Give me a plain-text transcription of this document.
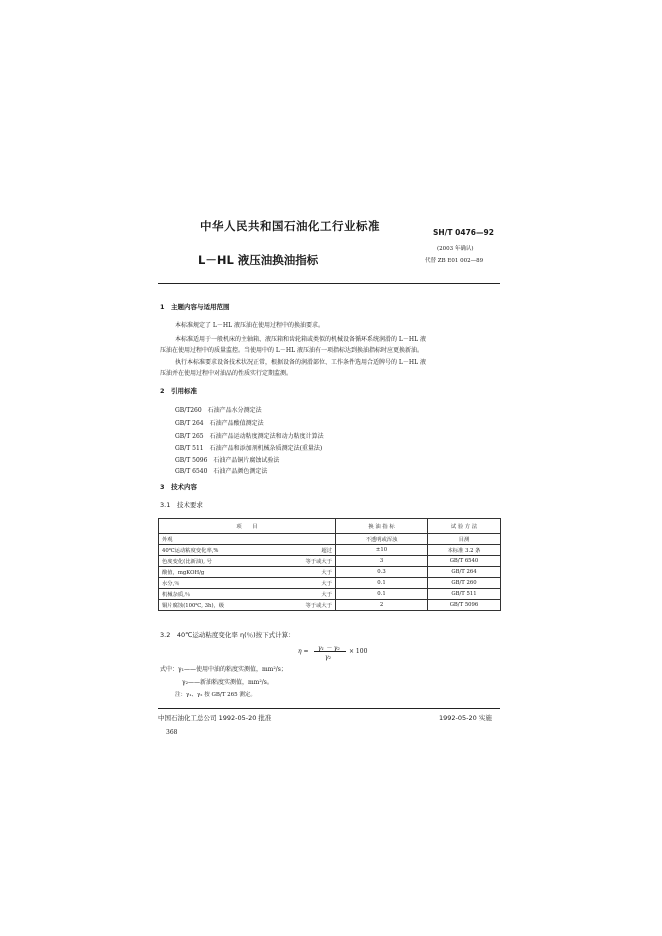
中华人民共和国石油化工行业标准	SH/T 0476—92
(2003 年确认)
L－HL 液压油换油指标	代替 ZB E01 002—89
1　主题内容与适用范围
本标准规定了 L－HL 液压油在使用过程中的换油要求。
本标准适用于一般机床的主轴箱、液压箱和齿轮箱或类似的机械设备循环系统润滑的 L－HL 液
压油在使用过程中的质量监控。当使用中的 L－HL 液压油有一项指标达到换油指标时应更换新油。
执行本标准要求设备技术状况正常，根据设备的润滑部位、工作条件选用合适牌号的 L－HL 液
压油并在使用过程中对油品的性质实行定期监测。
2　引用标准
GB/T260　石油产品水分测定法
GB/T 264　石油产品酸值测定法
GB/T 265　石油产品运动粘度测定法和动力粘度计算法
GB/T 511　石油产品和添加剂机械杂质测定法(重量法)
GB/T 5096　石油产品铜片腐蚀试验法
GB/T 6540　石油产品颜色测定法
3　技术内容
3.1　技术要求
项　　目	换 油 指 标	试 验 方 法

外观	不透明或浑浊	目测

40℃运动粘度变化率,% 超过	±10	本标准 3.2 条

色度变化(比新油), 号 等于或大于	3	GB/T 6540

酸值，mgKOH/g 大于	0.3	GB/T 264

水分,％ 大于	0.1	GB/T 260

机械杂质,％ 大于	0.1	GB/T 511

铜片腐蚀(100℃, 3h)，级 等于或大于	2	GB/T 5096
3.2　40℃运动粘度变化率 η(％)按下式计算：
η = γ₁ － γ₂
γ₂
× 100
式中：γ₁——使用中油的粘度实测值，mm²/s；
γ₂——新油粘度实测值，mm²/s。
注：γ₁、γ₂ 按 GB/T 265 测定。
中国石油化工总公司 1992-05-20 批准	1992-05-20 实施
368
